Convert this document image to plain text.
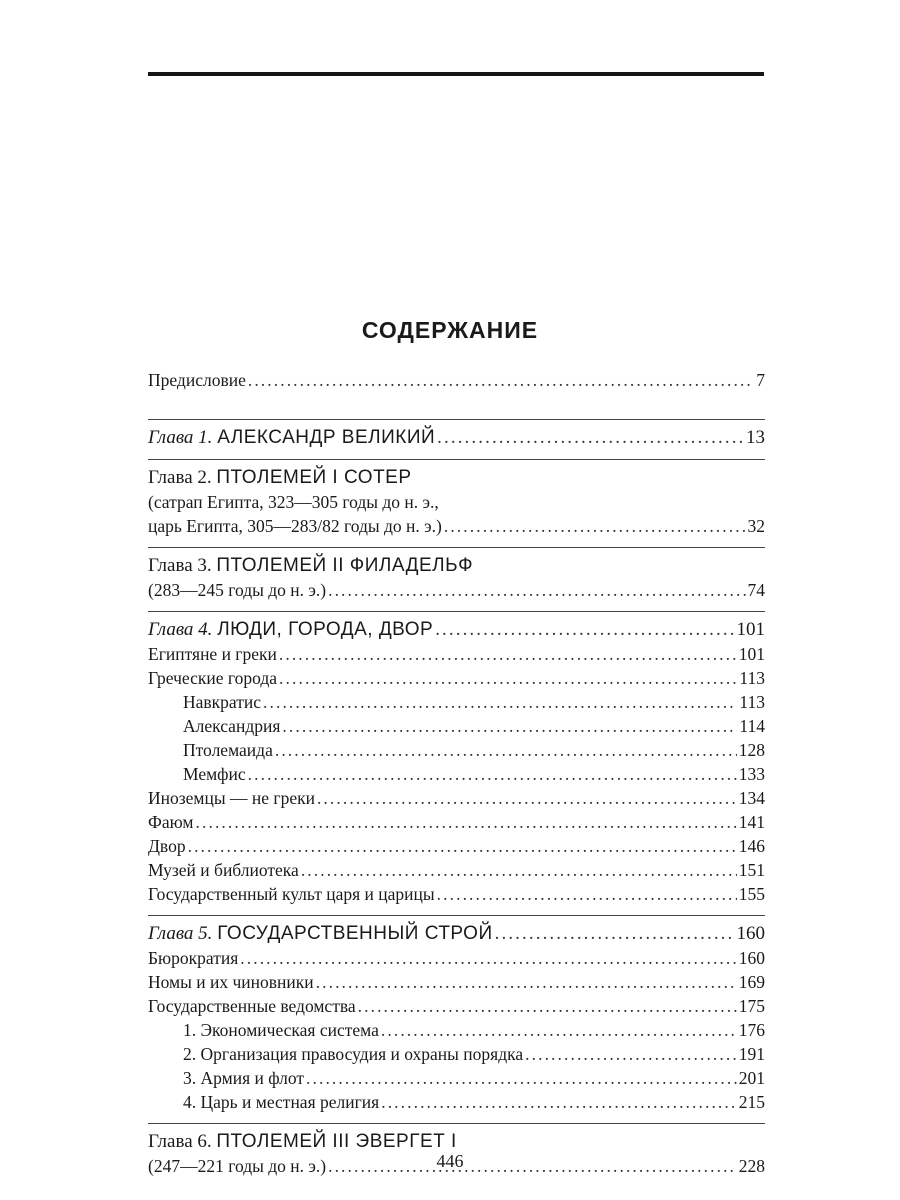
СОДЕРЖАНИЕ
Предисловие .....	7
Глава 1. АЛЕКСАНДР ВЕЛИКИЙ .....	13
Глава 2. ПТОЛЕМЕЙ I СОТЕР
(сатрап Египта, 323—305 годы до н. э.,
царь Египта, 305—283/82 годы до н. э.) .....	32
Глава 3. ПТОЛЕМЕЙ II ФИЛАДЕЛЬФ
(283—245 годы до н. э.) .....	74
Глава 4. ЛЮДИ, ГОРОДА, ДВОР .....	101
Египтяне и греки .....	101
Греческие города .....	113
Навкратис .....	113
Александрия .....	114
Птолемаида .....	128
Мемфис .....	133
Иноземцы — не греки .....	134
Фаюм .....	141
Двор .....	146
Музей и библиотека .....	151
Государственный культ царя и царицы .....	155
Глава 5. ГОСУДАРСТВЕННЫЙ СТРОЙ .....	160
Бюрократия .....	160
Номы и их чиновники .....	169
Государственные ведомства .....	175
1. Экономическая система .....	176
2. Организация правосудия и охраны порядка .....	191
3. Армия и флот .....	201
4. Царь и местная религия .....	215
Глава 6. ПТОЛЕМЕЙ III ЭВЕРГЕТ I
(247—221 годы до н. э.) .....	228
446
